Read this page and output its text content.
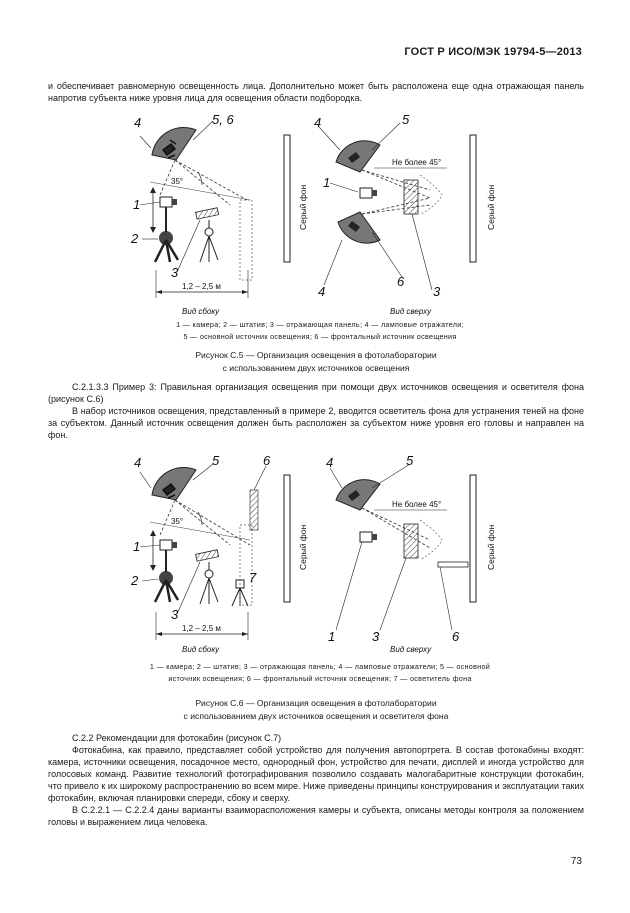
ГОСТ Р ИСО/МЭК 19794-5—2013

и обеспечивает равномерную освещенность лица. Дополнительно может быть расположена еще одна отражающая панель напротив субъекта ниже уровня лица для освещения области подбородка.

4	5, 6
1
2
3
35°
1,2 – 2,5 м
Вид сбоку
Серый фон
4	5
1
4
6
3
Не более 45°
Вид сверху
Серый фон
4	5	6
1
2	7
3
35°
1,2 – 2,5 м
Вид сбоку
Серый фон
4	5
1	3	6
Не более 45°
Вид сверху
Серый фон
1 — камера; 2 — штатив; 3 — отражающая панель; 4 — ламповые отражатели;
5 — основной источник освещения; 6 — фронтальный источник освещения
Рисунок С.5 — Организация освещения в фотолаборатории
с использованием двух источников освещения

C.2.1.3.3 Пример 3: Правильная организация освещения при помощи двух источников освещения и осветителя фона (рисунок С.6)

В набор источников освещения, представленный в примере 2, вводится осветитель фона для устранения теней на фоне за субъектом. Данный источник освещения должен быть расположен за субъектом ниже уровня его головы и направлен на фон.

1 — камера; 2 — штатив; 3 — отражающая панель; 4 — ламповые отражатели; 5 — основной
источник освещения; 6 — фронтальный источник освещения; 7 — осветитель фона
Рисунок С.6 — Организация освещения в фотолаборатории
с использованием двух источников освещения и осветителя фона

С.2.2 Рекомендации для фотокабин (рисунок С.7)

Фотокабина, как правило, представляет собой устройство для получения автопортрета. В состав фотокабины входят: камера, источники освещения, посадочное место, однородный фон, устройство для печати, дисплей и иногда устройство для голосовых команд. Развитие технологий фотографирования позволило создавать малогабаритные конструкции фотокабин, что привело к их широкому распространению во всем мире. Ниже приведены принципы конструирования и эксплуатации таких фотокабин, включая планировки спереди, сбоку и сверху.

В С.2.2.1 — С.2.2.4 даны варианты взаиморасположения камеры и субъекта, описаны методы контроля за положением головы и выражением лица человека.

73
